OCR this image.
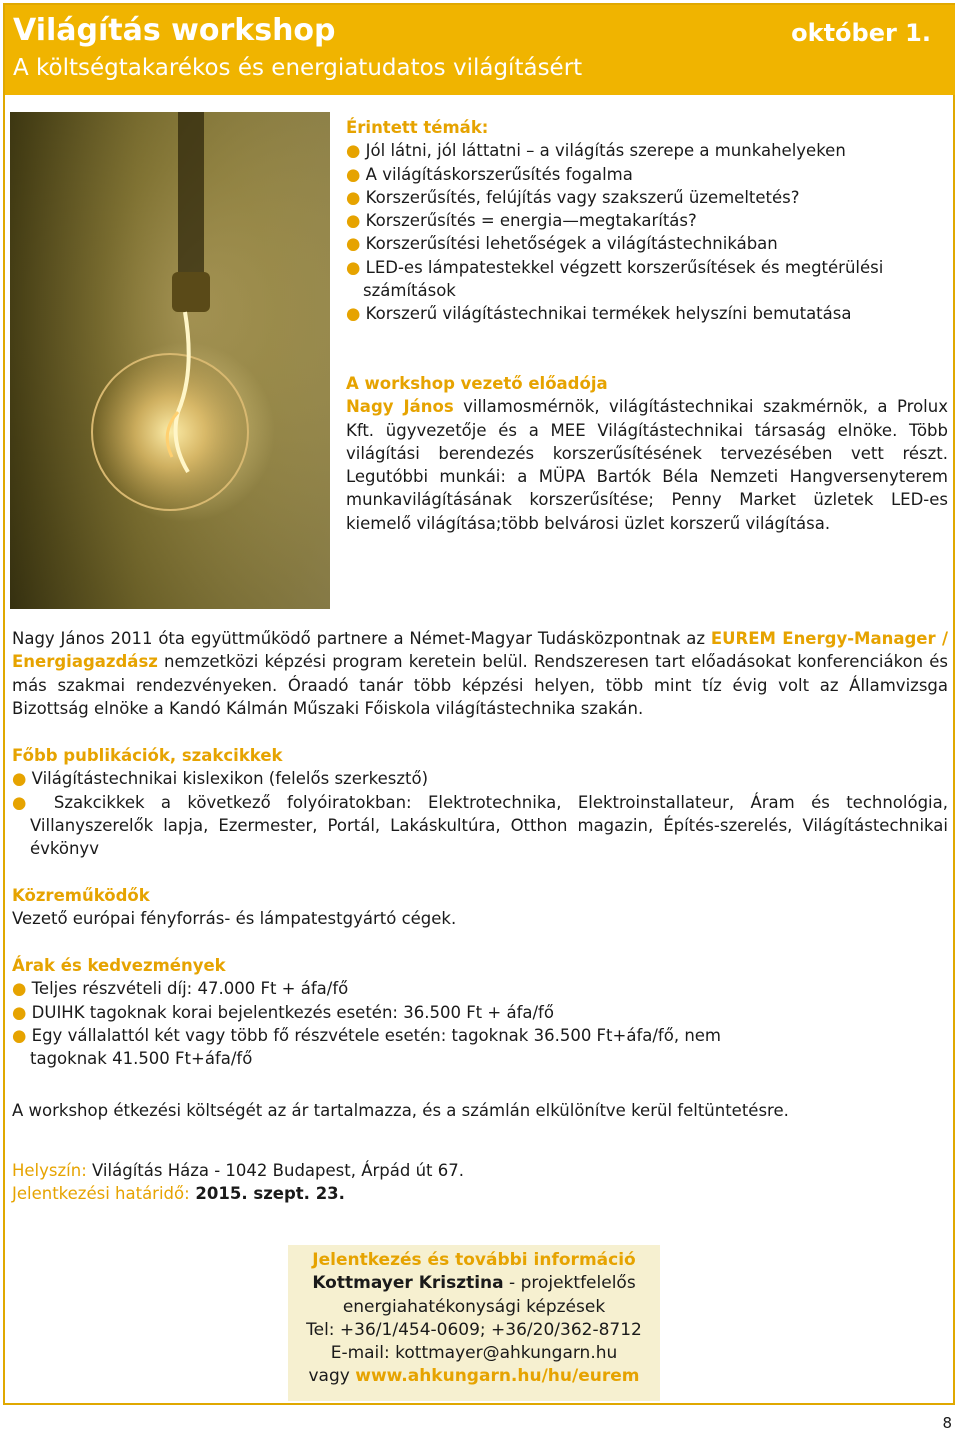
Világítás workshop
A költségtakarékos és energiatudatos világításért
október 1.
Érintett témák:
● Jól látni, jól láttatni – a világítás szerepe a munkahelyeken
● A világításkorszerűsítés fogalma
● Korszerűsítés, felújítás vagy szakszerű üzemeltetés?
● Korszerűsítés = energia—megtakarítás?
● Korszerűsítési lehetőségek a világítástechnikában
● LED-es lámpatestekkel végzett korszerűsítések és megtérülési számítások
● Korszerű világítástechnikai termékek helyszíni bemutatása
A workshop vezető előadója
Nagy János villamosmérnök, világítástechnikai szakmérnök, a Prolux Kft. ügyvezetője és a MEE Világítástechnikai társaság elnöke. Több világítási berendezés korszerűsítésének tervezésében vett részt. Legutóbbi munkái: a MÜPA Bartók Béla Nemzeti Hangversenyterem munkavilágításának korszerűsítése; Penny Market üzletek LED-es kiemelő világítása;több belvárosi üzlet korszerű világítása.
Nagy János 2011 óta együttműködő partnere a Német-Magyar Tudásközpontnak az EUREM Energy-Manager / Energiagazdász nemzetközi képzési program keretein belül. Rendszeresen tart előadásokat konferenciákon és más szakmai rendezvényeken. Óraadó tanár több képzési helyen, több mint tíz évig volt az Államvizsga Bizottság elnöke a Kandó Kálmán Műszaki Főiskola világítástechnika szakán.
Főbb publikációk, szakcikkek
● Világítástechnikai kislexikon (felelős szerkesztő)
● Szakcikkek a következő folyóiratokban: Elektrotechnika, Elektroinstallateur, Áram és technológia, Villanyszerelők lapja, Ezermester, Portál, Lakáskultúra, Otthon magazin, Építés-szerelés, Világítástechnikai évkönyv
Közreműködők
Vezető európai fényforrás- és lámpatestgyártó cégek.
Árak és kedvezmények
● Teljes részvételi díj: 47.000 Ft + áfa/fő
● DUIHK tagoknak korai bejelentkezés esetén: 36.500 Ft + áfa/fő
● Egy vállalattól két vagy több fő részvétele esetén: tagoknak 36.500 Ft+áfa/fő, nem tagoknak 41.500 Ft+áfa/fő
A workshop étkezési költségét az ár tartalmazza, és a számlán elkülönítve kerül feltüntetésre.
Helyszín: Világítás Háza - 1042 Budapest, Árpád út 67.
Jelentkezési határidő: 2015. szept. 23.
Jelentkezés és további információ
Kottmayer Krisztina - projektfelelős
energiahatékonysági képzések
Tel: +36/1/454-0609; +36/20/362-8712
E-mail: kottmayer@ahkungarn.hu
vagy www.ahkungarn.hu/hu/eurem
8
